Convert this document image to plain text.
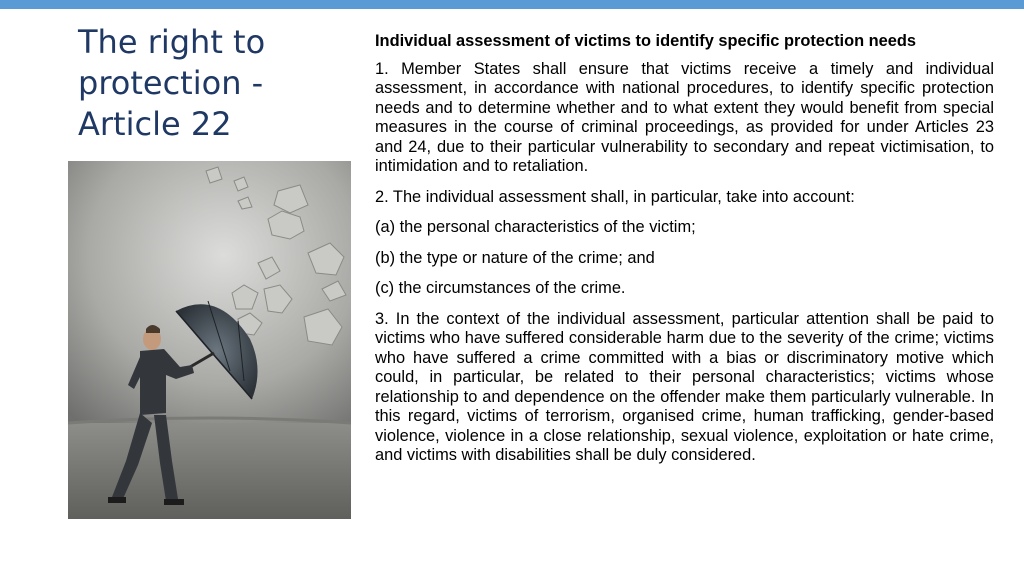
The right to
protection -
Article 22

Individual assessment of victims to identify specific protection needs

1. Member States shall ensure that victims receive a timely and individual assessment, in accordance with national procedures, to identify specific protection needs and to determine whether and to what extent they would benefit from special measures in the course of criminal proceedings, as provided for under Articles 23 and 24, due to their particular vulnerability to secondary and repeat victimisation, to intimidation and to retaliation.

2. The individual assessment shall, in particular, take into account:

(a) the personal characteristics of the victim;

(b) the type or nature of the crime; and

(c) the circumstances of the crime.

3. In the context of the individual assessment, particular attention shall be paid to victims who have suffered considerable harm due to the severity of the crime; victims who have suffered a crime committed with a bias or discriminatory motive which could, in particular, be related to their personal characteristics; victims whose relationship to and dependence on the offender make them particularly vulnerable. In this regard, victims of terrorism, organised crime, human trafficking, gender-based violence, violence in a close relationship, sexual violence, exploitation or hate crime, and victims with disabilities shall be duly considered.
